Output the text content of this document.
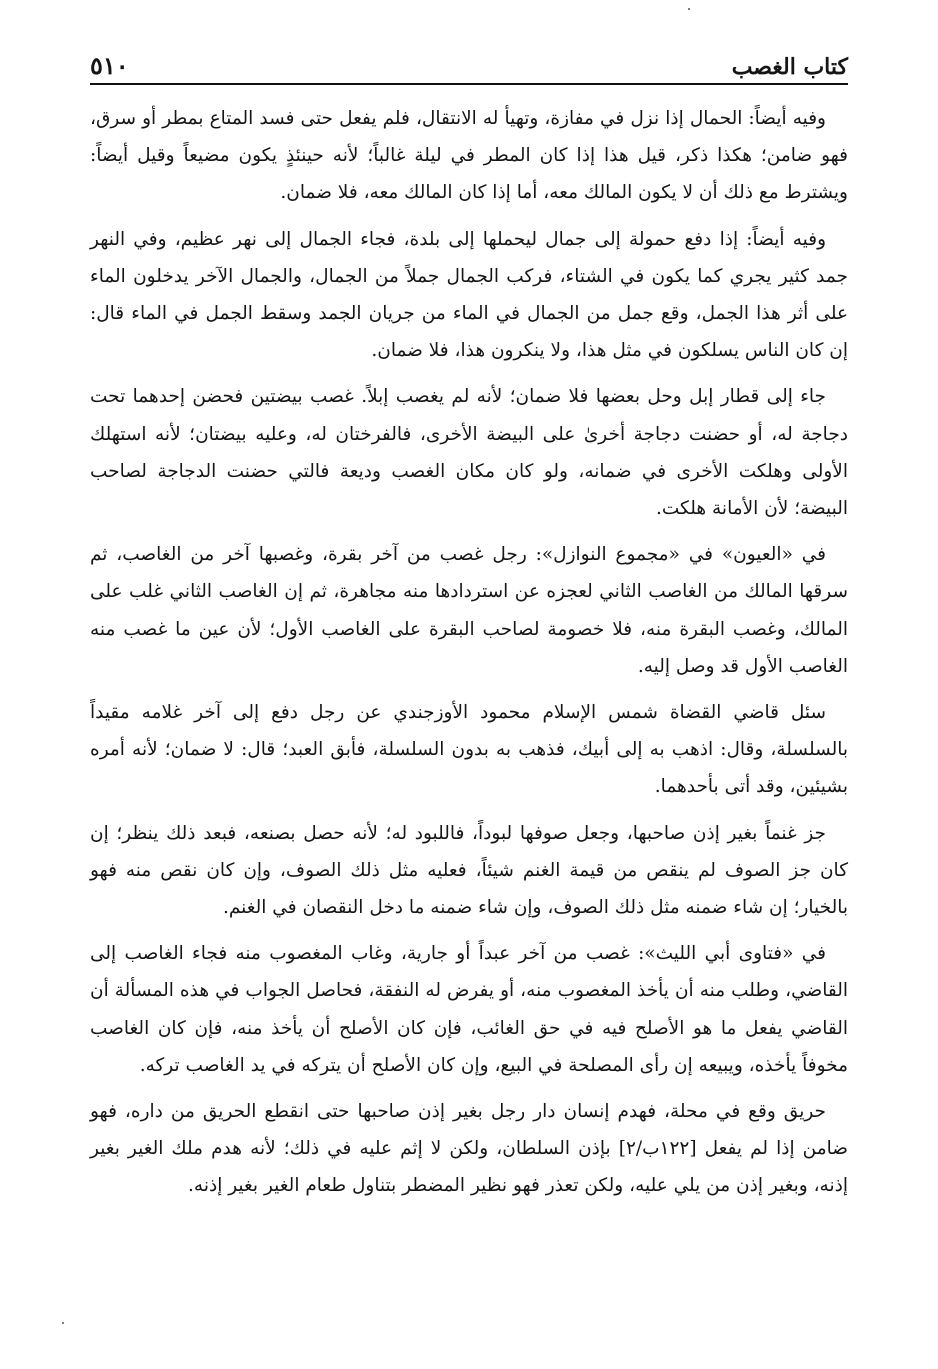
٥١٠	كتاب الغصب

وفيه أيضاً: الحمال إذا نزل في مفازة، وتهيأ له الانتقال، فلم يفعل حتى فسد المتاع بمطر أو سرق، فهو ضامن؛ هكذا ذكر، قيل هذا إذا كان المطر في ليلة غالباً؛ لأنه حينئذٍ يكون مضيعاً وقيل أيضاً: ويشترط مع ذلك أن لا يكون المالك معه، أما إذا كان المالك معه، فلا ضمان.

وفيه أيضاً: إذا دفع حمولة إلى جمال ليحملها إلى بلدة، فجاء الجمال إلى نهر عظيم، وفي النهر جمد كثير يجري كما يكون في الشتاء، فركب الجمال جملاً من الجمال، والجمال الآخر يدخلون الماء على أثر هذا الجمل، وقع جمل من الجمال في الماء من جريان الجمد وسقط الجمل في الماء قال: إن كان الناس يسلكون في مثل هذا، ولا ينكرون هذا، فلا ضمان.

جاء إلى قطار إبل وحل بعضها فلا ضمان؛ لأنه لم يغصب إبلاً. غصب بيضتين فحضن إحدهما تحت دجاجة له، أو حضنت دجاجة أخرىٰ على البيضة الأخرى، فالفرختان له، وعليه بيضتان؛ لأنه استهلك الأولى وهلكت الأخرى في ضمانه، ولو كان مكان الغصب وديعة فالتي حضنت الدجاجة لصاحب البيضة؛ لأن الأمانة هلكت.

في «العيون» في «مجموع النوازل»: رجل غصب من آخر بقرة، وغصبها آخر من الغاصب، ثم سرقها المالك من الغاصب الثاني لعجزه عن استردادها منه مجاهرة، ثم إن الغاصب الثاني غلب على المالك، وغصب البقرة منه، فلا خصومة لصاحب البقرة على الغاصب الأول؛ لأن عين ما غصب منه الغاصب الأول قد وصل إليه.

سئل قاضي القضاة شمس الإسلام محمود الأوزجندي عن رجل دفع إلى آخر غلامه مقيداً بالسلسلة، وقال: اذهب به إلى أبيك، فذهب به بدون السلسلة، فأبق العبد؛ قال: لا ضمان؛ لأنه أمره بشيئين، وقد أتى بأحدهما.

جز غنماً بغير إذن صاحبها، وجعل صوفها لبوداً، فاللبود له؛ لأنه حصل بصنعه، فبعد ذلك ينظر؛ إن كان جز الصوف لم ينقص من قيمة الغنم شيئاً، فعليه مثل ذلك الصوف، وإن كان نقص منه فهو بالخيار؛ إن شاء ضمنه مثل ذلك الصوف، وإن شاء ضمنه ما دخل النقصان في الغنم.

في «فتاوى أبي الليث»: غصب من آخر عبداً أو جارية، وغاب المغصوب منه فجاء الغاصب إلى القاضي، وطلب منه أن يأخذ المغصوب منه، أو يفرض له النفقة، فحاصل الجواب في هذه المسألة أن القاضي يفعل ما هو الأصلح فيه في حق الغائب، فإن كان الأصلح أن يأخذ منه، فإن كان الغاصب مخوفاً يأخذه، ويبيعه إن رأى المصلحة في البيع، وإن كان الأصلح أن يتركه في يد الغاصب تركه.

حريق وقع في محلة، فهدم إنسان دار رجل بغير إذن صاحبها حتى انقطع الحريق من داره، فهو ضامن إذا لم يفعل [١٢٢ب/٢] بإذن السلطان، ولكن لا إثم عليه في ذلك؛ لأنه هدم ملك الغير بغير إذنه، وبغير إذن من يلي عليه، ولكن تعذر فهو نظير المضطر بتناول طعام الغير بغير إذنه.
